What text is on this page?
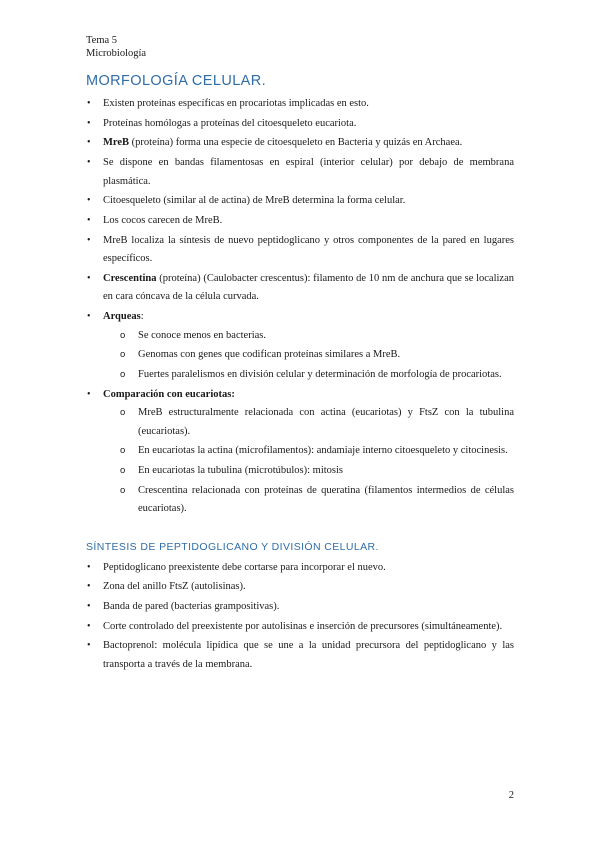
Tema 5
Microbiología
MORFOLOGÍA CELULAR.
• Existen proteínas específicas en procariotas implicadas en esto.
• Proteínas homólogas a proteínas del citoesqueleto eucariota.
• MreB (proteína) forma una especie de citoesqueleto en Bacteria y quizás en Archaea.
• Se dispone en bandas filamentosas en espiral (interior celular) por debajo de membrana plasmática.
• Citoesqueleto (similar al de actina) de MreB determina la forma celular.
• Los cocos carecen de MreB.
• MreB localiza la síntesis de nuevo peptidoglicano y otros componentes de la pared en lugares específicos.
• Crescentina (proteína) (Caulobacter crescentus): filamento de 10 nm de anchura que se localizan en cara cóncava de la célula curvada.
• Arqueas:
o Se conoce menos en bacterias.
o Genomas con genes que codifican proteínas similares a MreB.
o Fuertes paralelismos en división celular y determinación de morfología de procariotas.
• Comparación con eucariotas:
o MreB estructuralmente relacionada con actina (eucariotas) y FtsZ con la tubulina (eucariotas).
o En eucariotas la actina (microfilamentos): andamiaje interno citoesqueleto y citocinesis.
o En eucariotas la tubulina (microtúbulos): mitosis
o Crescentina relacionada con proteínas de queratina (filamentos intermedios de células eucariotas).
SÍNTESIS DE PEPTIDOGLICANO Y DIVISIÓN CELULAR.
• Peptidoglicano preexistente debe cortarse para incorporar el nuevo.
• Zona del anillo FtsZ (autolisinas).
• Banda de pared (bacterias grampositivas).
• Corte controlado del preexistente por autolisinas e inserción de precursores (simultáneamente).
• Bactoprenol: molécula lipídica que se une a la unidad precursora del peptidoglicano y las transporta a través de la membrana.
2
